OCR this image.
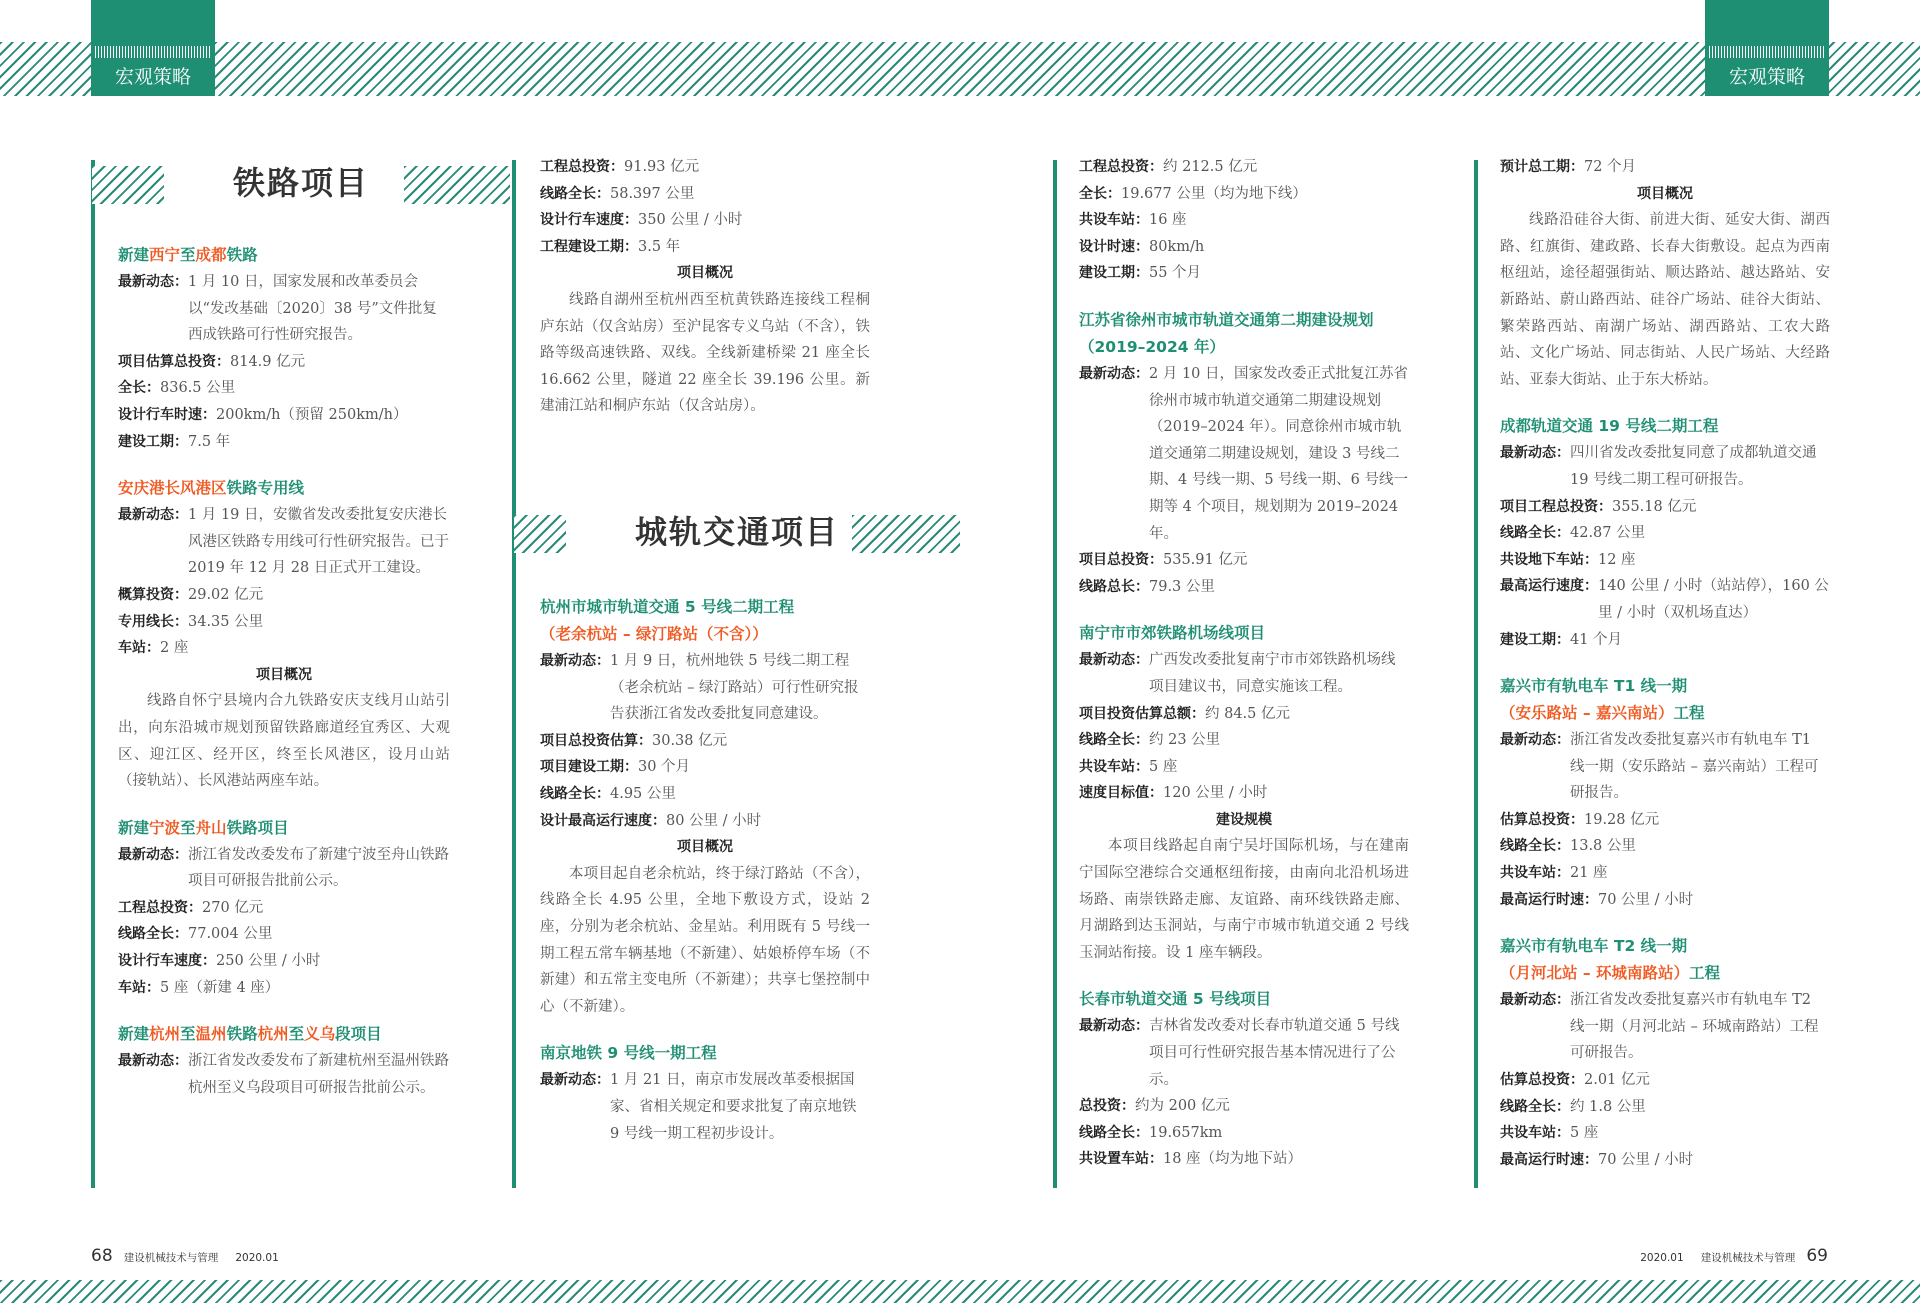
宏观策略	宏观策略
铁路项目
城轨交通项目
新建西宁至成都铁路
最新动态： 1 月 10 日，国家发展和改革委员会以“发改基础〔2020〕38 号”文件批复西成铁路可行性研究报告。
项目估算总投资： 814.9 亿元
全长： 836.5 公里
设计行车时速： 200km/h（预留 250km/h）
建设工期： 7.5 年
安庆港长风港区铁路专用线
最新动态： 1 月 19 日，安徽省发改委批复安庆港长风港区铁路专用线可行性研究报告。已于 2019 年 12 月 28 日正式开工建设。
概算投资： 29.02 亿元
专用线长： 34.35 公里
车站： 2 座
项目概况
线路自怀宁县境内合九铁路安庆支线月山站引出，向东沿城市规划预留铁路廊道经宜秀区、大观区、迎江区、经开区，终至长风港区，设月山站（接轨站）、长风港站两座车站。
新建宁波至舟山铁路项目
最新动态： 浙江省发改委发布了新建宁波至舟山铁路项目可研报告批前公示。
工程总投资： 270 亿元
线路全长： 77.004 公里
设计行车速度： 250 公里 / 小时
车站： 5 座（新建 4 座）
新建杭州至温州铁路杭州至义乌段项目
最新动态： 浙江省发改委发布了新建杭州至温州铁路杭州至义乌段项目可研报告批前公示。
工程总投资： 91.93 亿元
线路全长： 58.397 公里
设计行车速度： 350 公里 / 小时
工程建设工期： 3.5 年
项目概况
线路自湖州至杭州西至杭黄铁路连接线工程桐庐东站（仅含站房）至沪昆客专义乌站（不含），铁路等级高速铁路、双线。全线新建桥梁 21 座全长 16.662 公里，隧道 22 座全长 39.196 公里。新建浦江站和桐庐东站（仅含站房）。
杭州市城市轨道交通 5 号线二期工程
（老余杭站 – 绿汀路站（不含））
最新动态： 1 月 9 日，杭州地铁 5 号线二期工程（老余杭站 – 绿汀路站）可行性研究报告获浙江省发改委批复同意建设。
项目总投资估算： 30.38 亿元
项目建设工期： 30 个月
线路全长： 4.95 公里
设计最高运行速度： 80 公里 / 小时
项目概况
本项目起自老余杭站，终于绿汀路站（不含），线路全长 4.95 公里，全地下敷设方式，设站 2 座，分别为老余杭站、金星站。利用既有 5 号线一期工程五常车辆基地（不新建）、姑娘桥停车场（不新建）和五常主变电所（不新建）；共享七堡控制中心（不新建）。
南京地铁 9 号线一期工程
最新动态： 1 月 21 日，南京市发展改革委根据国家、省相关规定和要求批复了南京地铁 9 号线一期工程初步设计。
工程总投资： 约 212.5 亿元
全长： 19.677 公里（均为地下线）
共设车站： 16 座
设计时速： 80km/h
建设工期： 55 个月
江苏省徐州市城市轨道交通第二期建设规划（2019–2024 年）
最新动态： 2 月 10 日，国家发改委正式批复江苏省徐州市城市轨道交通第二期建设规划（2019–2024 年）。同意徐州市城市轨道交通第二期建设规划，建设 3 号线二期、4 号线一期、5 号线一期、6 号线一期等 4 个项目，规划期为 2019–2024 年。
项目总投资： 535.91 亿元
线路总长： 79.3 公里
南宁市市郊铁路机场线项目
最新动态： 广西发改委批复南宁市市郊铁路机场线项目建议书，同意实施该工程。
项目投资估算总额： 约 84.5 亿元
线路全长： 约 23 公里
共设车站： 5 座
速度目标值： 120 公里 / 小时
建设规模
本项目线路起自南宁吴圩国际机场，与在建南宁国际空港综合交通枢纽衔接，由南向北沿机场进场路、南崇铁路走廊、友谊路、南环线铁路走廊、月湖路到达玉洞站，与南宁市城市轨道交通 2 号线玉洞站衔接。设 1 座车辆段。
长春市轨道交通 5 号线项目
最新动态： 吉林省发改委对长春市轨道交通 5 号线项目可行性研究报告基本情况进行了公示。
总投资： 约为 200 亿元
线路全长： 19.657km
共设置车站： 18 座（均为地下站）
预计总工期： 72 个月
项目概况
线路沿硅谷大街、前进大街、延安大街、湖西路、红旗街、建政路、长春大街敷设。起点为西南枢纽站，途径超强街站、顺达路站、越达路站、安新路站、蔚山路西站、硅谷广场站、硅谷大街站、繁荣路西站、南湖广场站、湖西路站、工农大路站、文化广场站、同志街站、人民广场站、大经路站、亚泰大街站、止于东大桥站。
成都轨道交通 19 号线二期工程
最新动态： 四川省发改委批复同意了成都轨道交通 19 号线二期工程可研报告。
项目工程总投资： 355.18 亿元
线路全长： 42.87 公里
共设地下车站： 12 座
最高运行速度： 140 公里 / 小时（站站停），160 公里 / 小时（双机场直达）
建设工期： 41 个月
嘉兴市有轨电车 T1 线一期
（安乐路站 – 嘉兴南站）工程
最新动态： 浙江省发改委批复嘉兴市有轨电车 T1 线一期（安乐路站 – 嘉兴南站）工程可研报告。
估算总投资： 19.28 亿元
线路全长： 13.8 公里
共设车站： 21 座
最高运行时速： 70 公里 / 小时
嘉兴市有轨电车 T2 线一期
（月河北站 – 环城南路站）工程
最新动态： 浙江省发改委批复嘉兴市有轨电车 T2 线一期（月河北站 – 环城南路站）工程可研报告。
估算总投资： 2.01 亿元
线路全长： 约 1.8 公里
共设车站： 5 座
最高运行时速： 70 公里 / 小时
68 建设机械技术与管理 2020.01	2020.01 建设机械技术与管理 69
